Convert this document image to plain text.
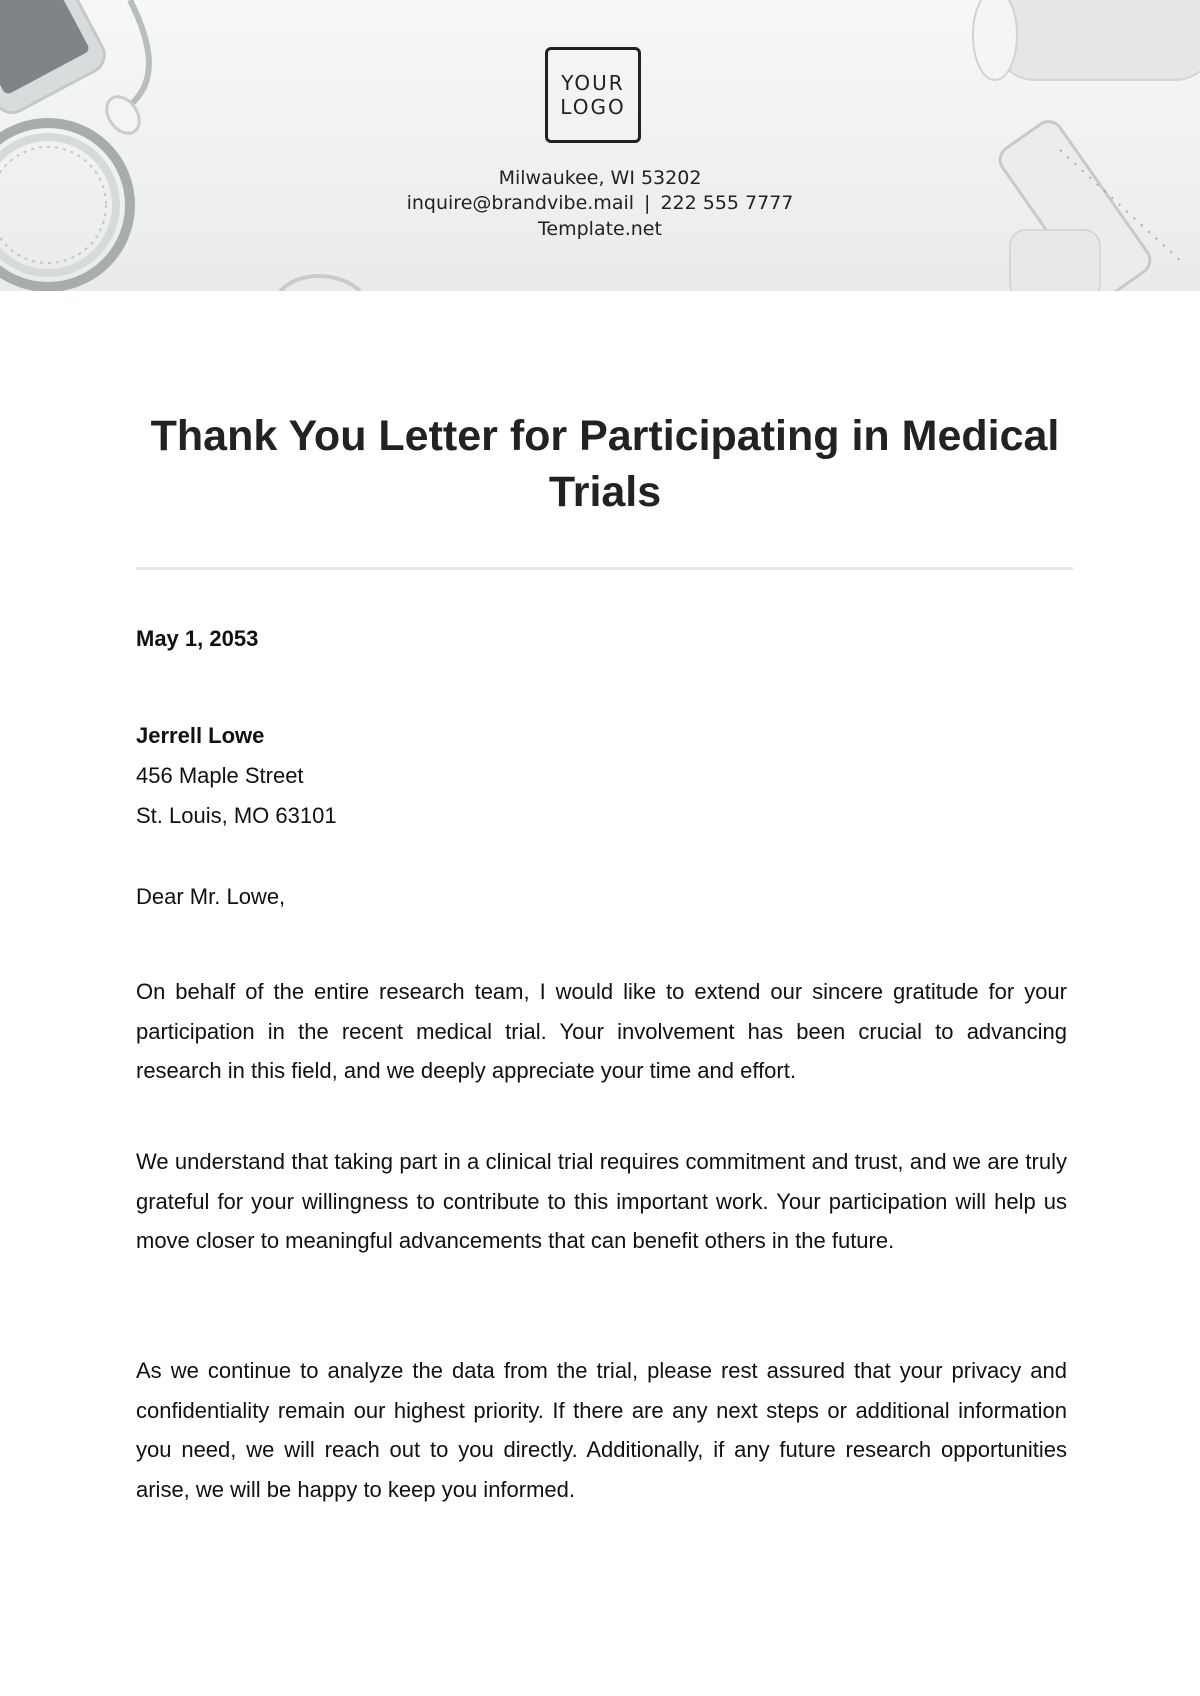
YOUR
LOGO
Milwaukee, WI 53202
inquire@brandvibe.mail | 222 555 7777
Template.net
Thank You Letter for Participating in Medical Trials
May 1, 2053
Jerrell Lowe
456 Maple Street
St. Louis, MO 63101
Dear Mr. Lowe,

On behalf of the entire research team, I would like to extend our sincere gratitude for your participation in the recent medical trial. Your involvement has been crucial to advancing research in this field, and we deeply appreciate your time and effort.

We understand that taking part in a clinical trial requires commitment and trust, and we are truly grateful for your willingness to contribute to this important work. Your participation will help us move closer to meaningful advancements that can benefit others in the future.

As we continue to analyze the data from the trial, please rest assured that your privacy and confidentiality remain our highest priority. If there are any next steps or additional information you need, we will reach out to you directly. Additionally, if any future research opportunities arise, we will be happy to keep you informed.
